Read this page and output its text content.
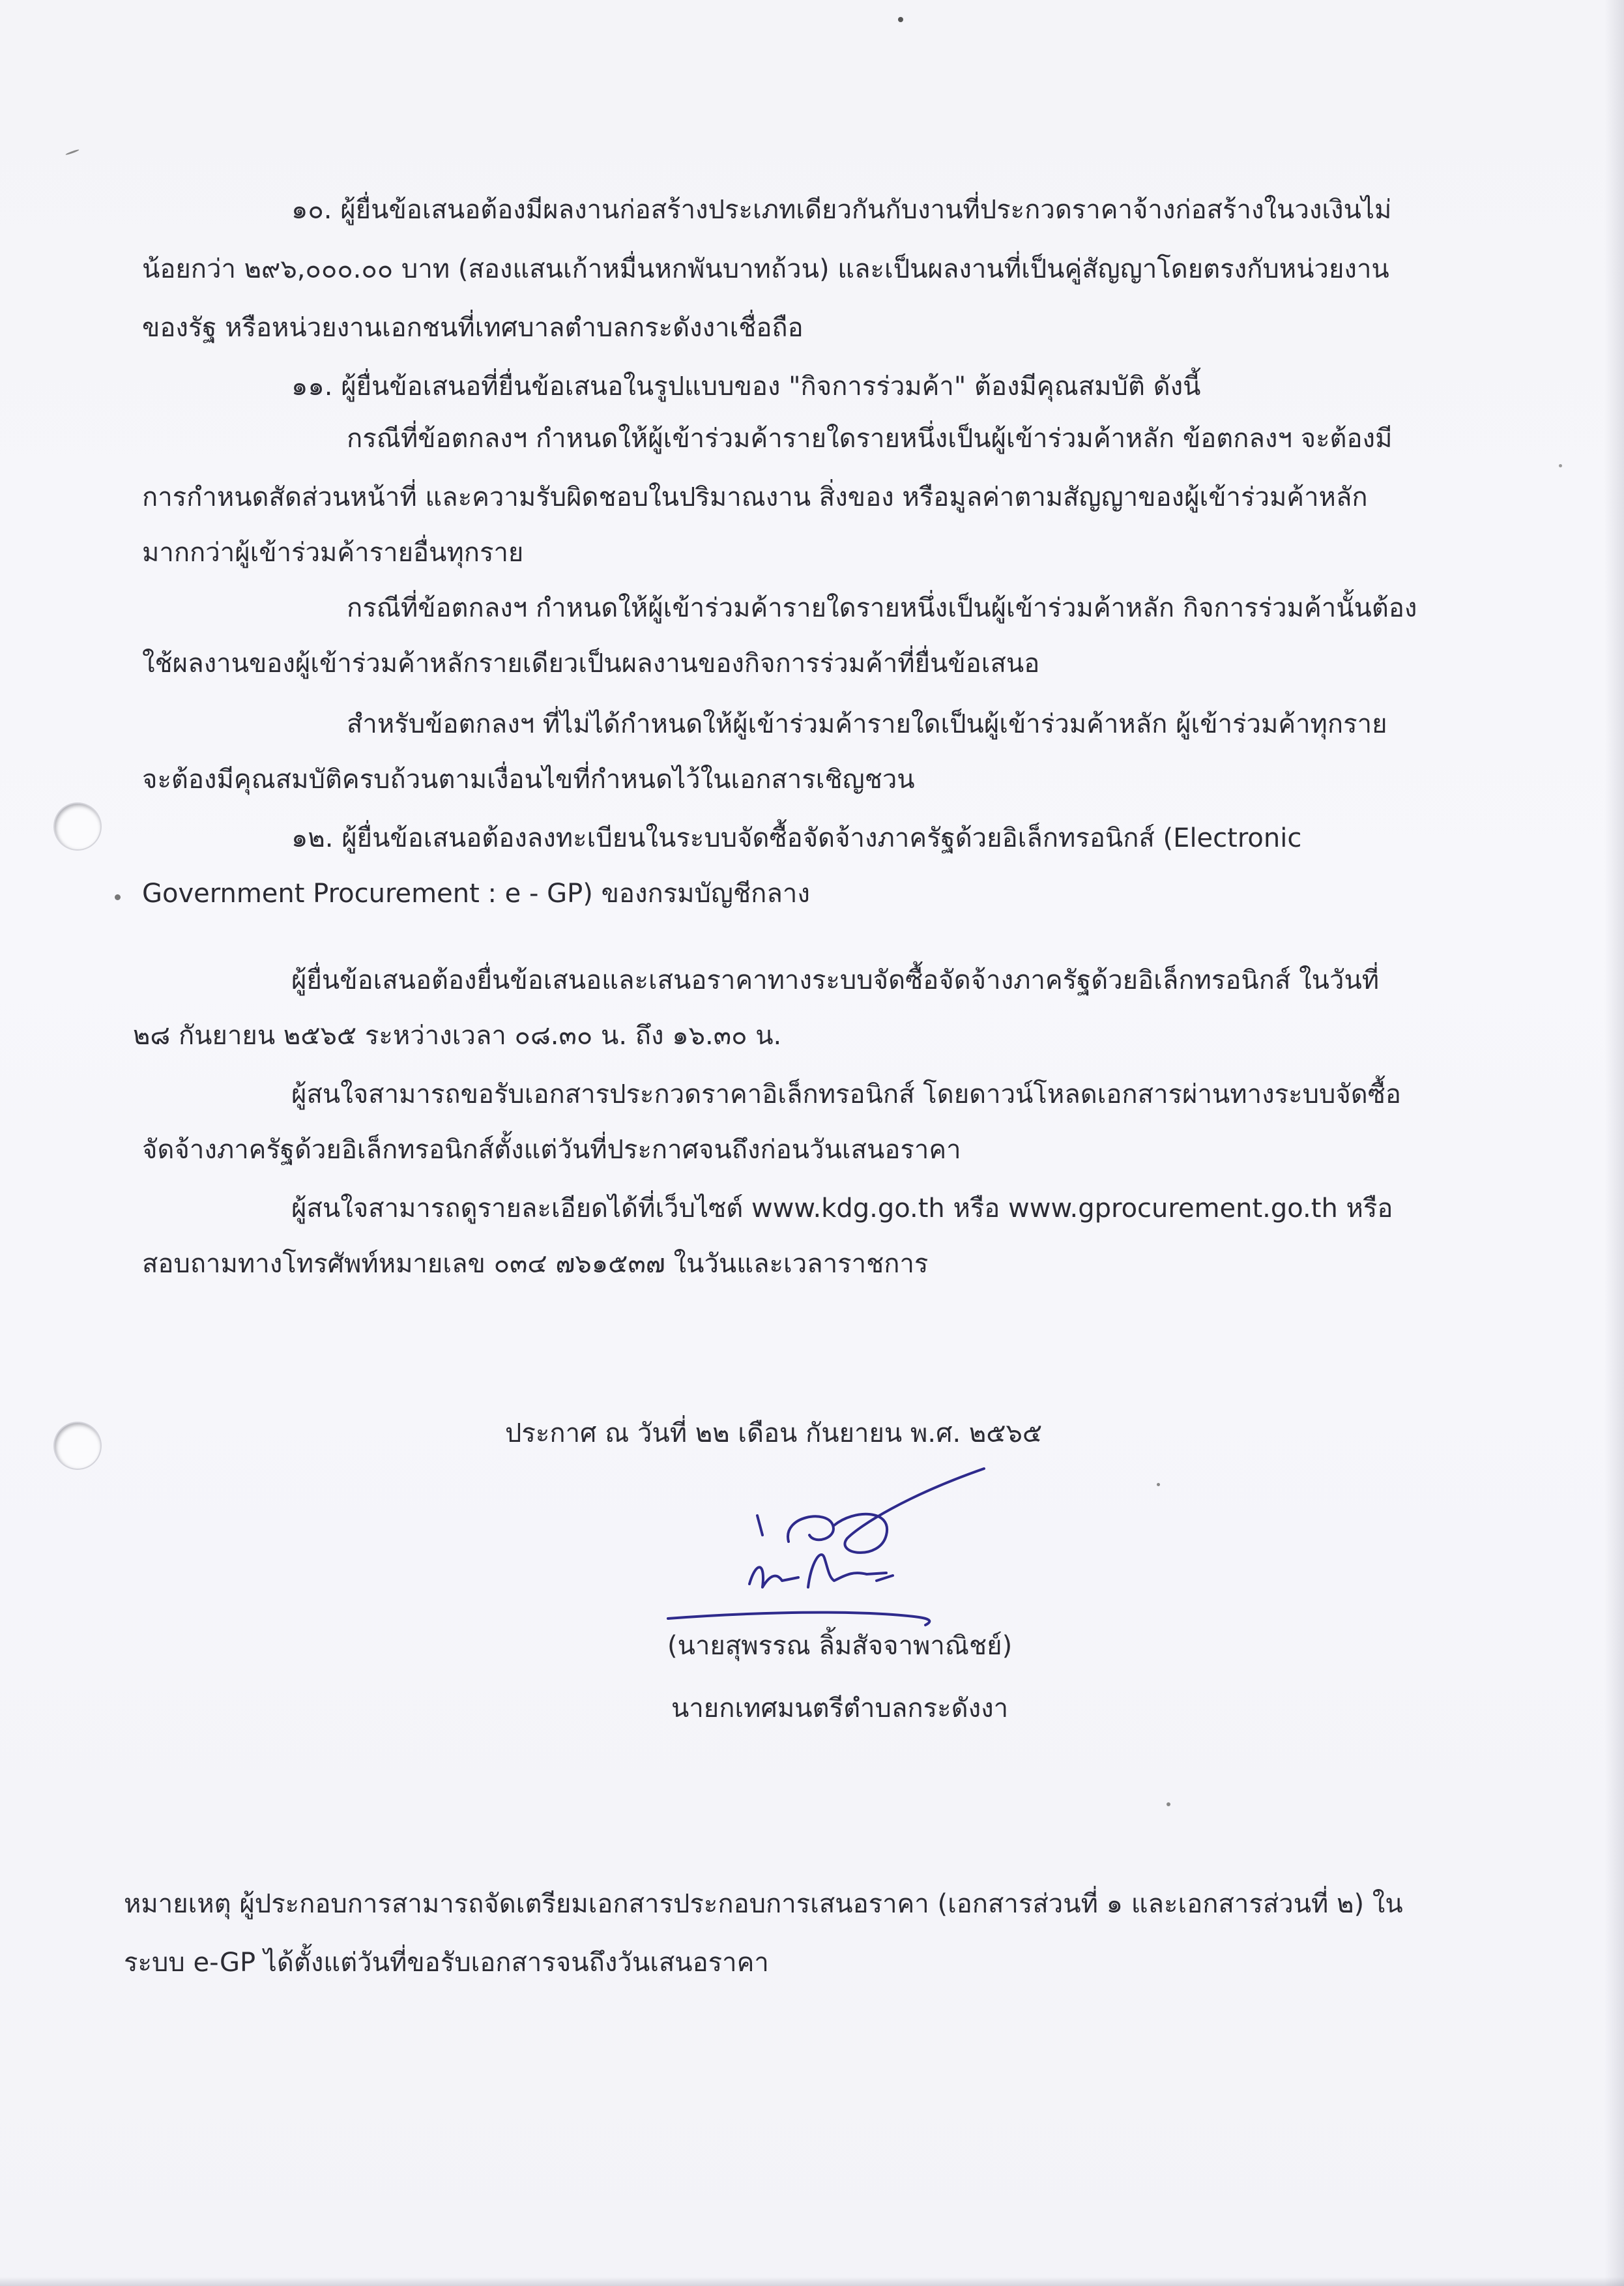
๑๐. ผู้ยื่นข้อเสนอต้องมีผลงานก่อสร้างประเภทเดียวกันกับงานที่ประกวดราคาจ้างก่อสร้างในวงเงินไม่
น้อยกว่า ๒๙๖,๐๐๐.๐๐ บาท (สองแสนเก้าหมื่นหกพันบาทถ้วน) และเป็นผลงานที่เป็นคู่สัญญาโดยตรงกับหน่วยงาน
ของรัฐ หรือหน่วยงานเอกชนที่เทศบาลตำบลกระดังงาเชื่อถือ
๑๑. ผู้ยื่นข้อเสนอที่ยื่นข้อเสนอในรูปแบบของ "กิจการร่วมค้า" ต้องมีคุณสมบัติ ดังนี้
กรณีที่ข้อตกลงฯ กำหนดให้ผู้เข้าร่วมค้ารายใดรายหนึ่งเป็นผู้เข้าร่วมค้าหลัก ข้อตกลงฯ จะต้องมี
การกำหนดสัดส่วนหน้าที่ และความรับผิดชอบในปริมาณงาน สิ่งของ หรือมูลค่าตามสัญญาของผู้เข้าร่วมค้าหลัก
มากกว่าผู้เข้าร่วมค้ารายอื่นทุกราย
กรณีที่ข้อตกลงฯ กำหนดให้ผู้เข้าร่วมค้ารายใดรายหนึ่งเป็นผู้เข้าร่วมค้าหลัก กิจการร่วมค้านั้นต้อง
ใช้ผลงานของผู้เข้าร่วมค้าหลักรายเดียวเป็นผลงานของกิจการร่วมค้าที่ยื่นข้อเสนอ
สำหรับข้อตกลงฯ ที่ไม่ได้กำหนดให้ผู้เข้าร่วมค้ารายใดเป็นผู้เข้าร่วมค้าหลัก ผู้เข้าร่วมค้าทุกราย
จะต้องมีคุณสมบัติครบถ้วนตามเงื่อนไขที่กำหนดไว้ในเอกสารเชิญชวน
๑๒. ผู้ยื่นข้อเสนอต้องลงทะเบียนในระบบจัดซื้อจัดจ้างภาครัฐด้วยอิเล็กทรอนิกส์ (Electronic
Government Procurement : e - GP) ของกรมบัญชีกลาง
ผู้ยื่นข้อเสนอต้องยื่นข้อเสนอและเสนอราคาทางระบบจัดซื้อจัดจ้างภาครัฐด้วยอิเล็กทรอนิกส์ ในวันที่
๒๘ กันยายน ๒๕๖๕ ระหว่างเวลา ๐๘.๓๐ น. ถึง ๑๖.๓๐ น.
ผู้สนใจสามารถขอรับเอกสารประกวดราคาอิเล็กทรอนิกส์ โดยดาวน์โหลดเอกสารผ่านทางระบบจัดซื้อ
จัดจ้างภาครัฐด้วยอิเล็กทรอนิกส์ตั้งแต่วันที่ประกาศจนถึงก่อนวันเสนอราคา
ผู้สนใจสามารถดูรายละเอียดได้ที่เว็บไซต์ www.kdg.go.th หรือ www.gprocurement.go.th หรือ
สอบถามทางโทรศัพท์หมายเลข ๐๓๔ ๗๖๑๕๓๗ ในวันและเวลาราชการ
ประกาศ ณ วันที่ ๒๒ เดือน กันยายน พ.ศ. ๒๕๖๕
(นายสุพรรณ ลิ้มสัจจาพาณิชย์)
นายกเทศมนตรีตำบลกระดังงา
หมายเหตุ ผู้ประกอบการสามารถจัดเตรียมเอกสารประกอบการเสนอราคา (เอกสารส่วนที่ ๑ และเอกสารส่วนที่ ๒) ใน
ระบบ e-GP ได้ตั้งแต่วันที่ขอรับเอกสารจนถึงวันเสนอราคา
